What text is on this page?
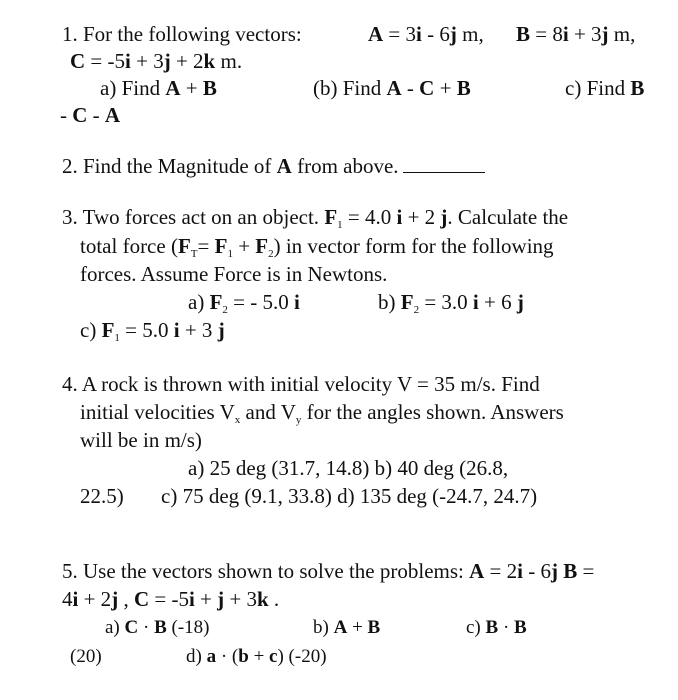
1. For the following vectors:	A = 3i - 6j m, B = 8i + 3j m,
C = -5i + 3j + 2k m.
a) Find A + B	(b) Find A - C + B	c) Find B
- C - A
2. Find the Magnitude of A from above.
3. Two forces act on an object. $F_1 = 4.0$ i + 2 j. Calculate the
total force $(F_T= F_1 + F_2)$ in vector form for the following
forces. Assume Force is in Newtons.
a) $F_2$ = - 5.0 i	b) $F_2 = 3.0$ i + 6 j
c) $F_1 = 5.0$ i + 3 j
4. A rock is thrown with initial velocity V = 35 m/s. Find
initial velocities $V_x$ and $V_y$ for the angles shown. Answers
will be in m/s)
a) 25 deg (31.7, 14.8) b) 40 deg (26.8,
22.5) c) 75 deg (9.1, 33.8) d) 135 deg (-24.7, 24.7)
5. Use the vectors shown to solve the problems: A = 2i - 6j B =
4i + 2j , C = -5i + j + 3k .
a) C · B (-18)	b) A + B	c) B · B
(20)	d) a · (b + c) (-20)
